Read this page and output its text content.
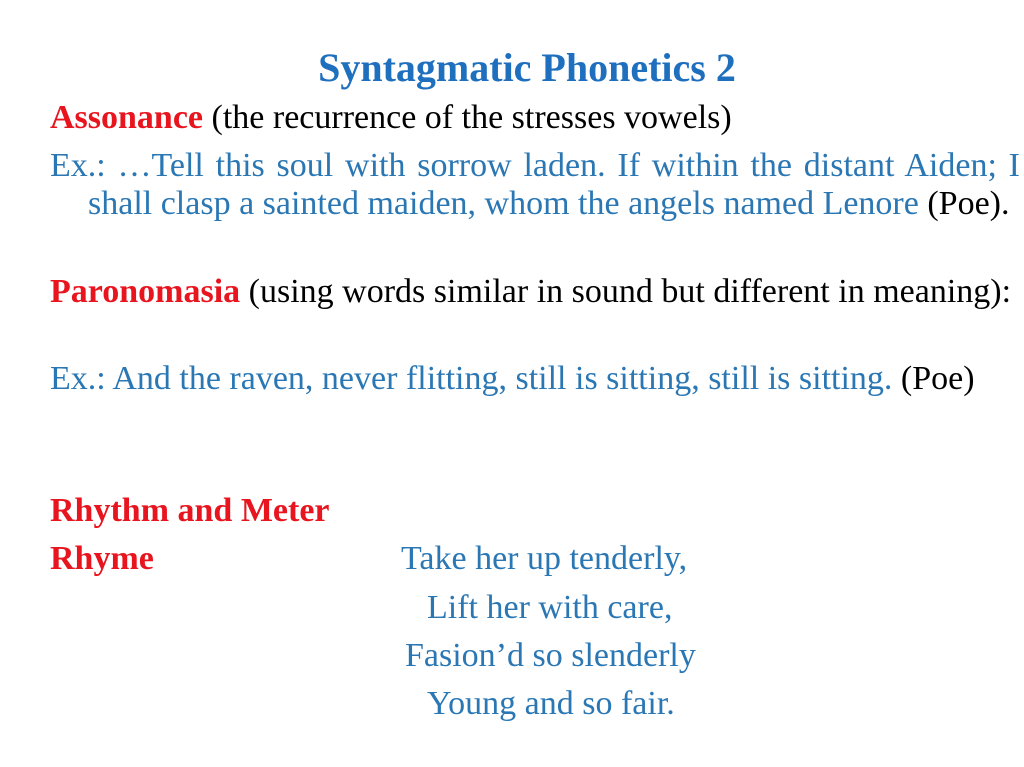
Syntagmatic Phonetics 2
Assonance (the recurrence of the stresses vowels)
Ex.: …Tell this soul with sorrow laden. If within the distant Aiden; I shall clasp a sainted maiden, whom the angels named Lenore (Poe).
Paronomasia (using words similar in sound but different in meaning):
Ex.: And the raven, never flitting, still is sitting, still is sitting. (Poe)
Rhythm and Meter
Rhyme	Take her up tenderly,
Lift her with care,
Fasion’d so slenderly
Young and so fair.
